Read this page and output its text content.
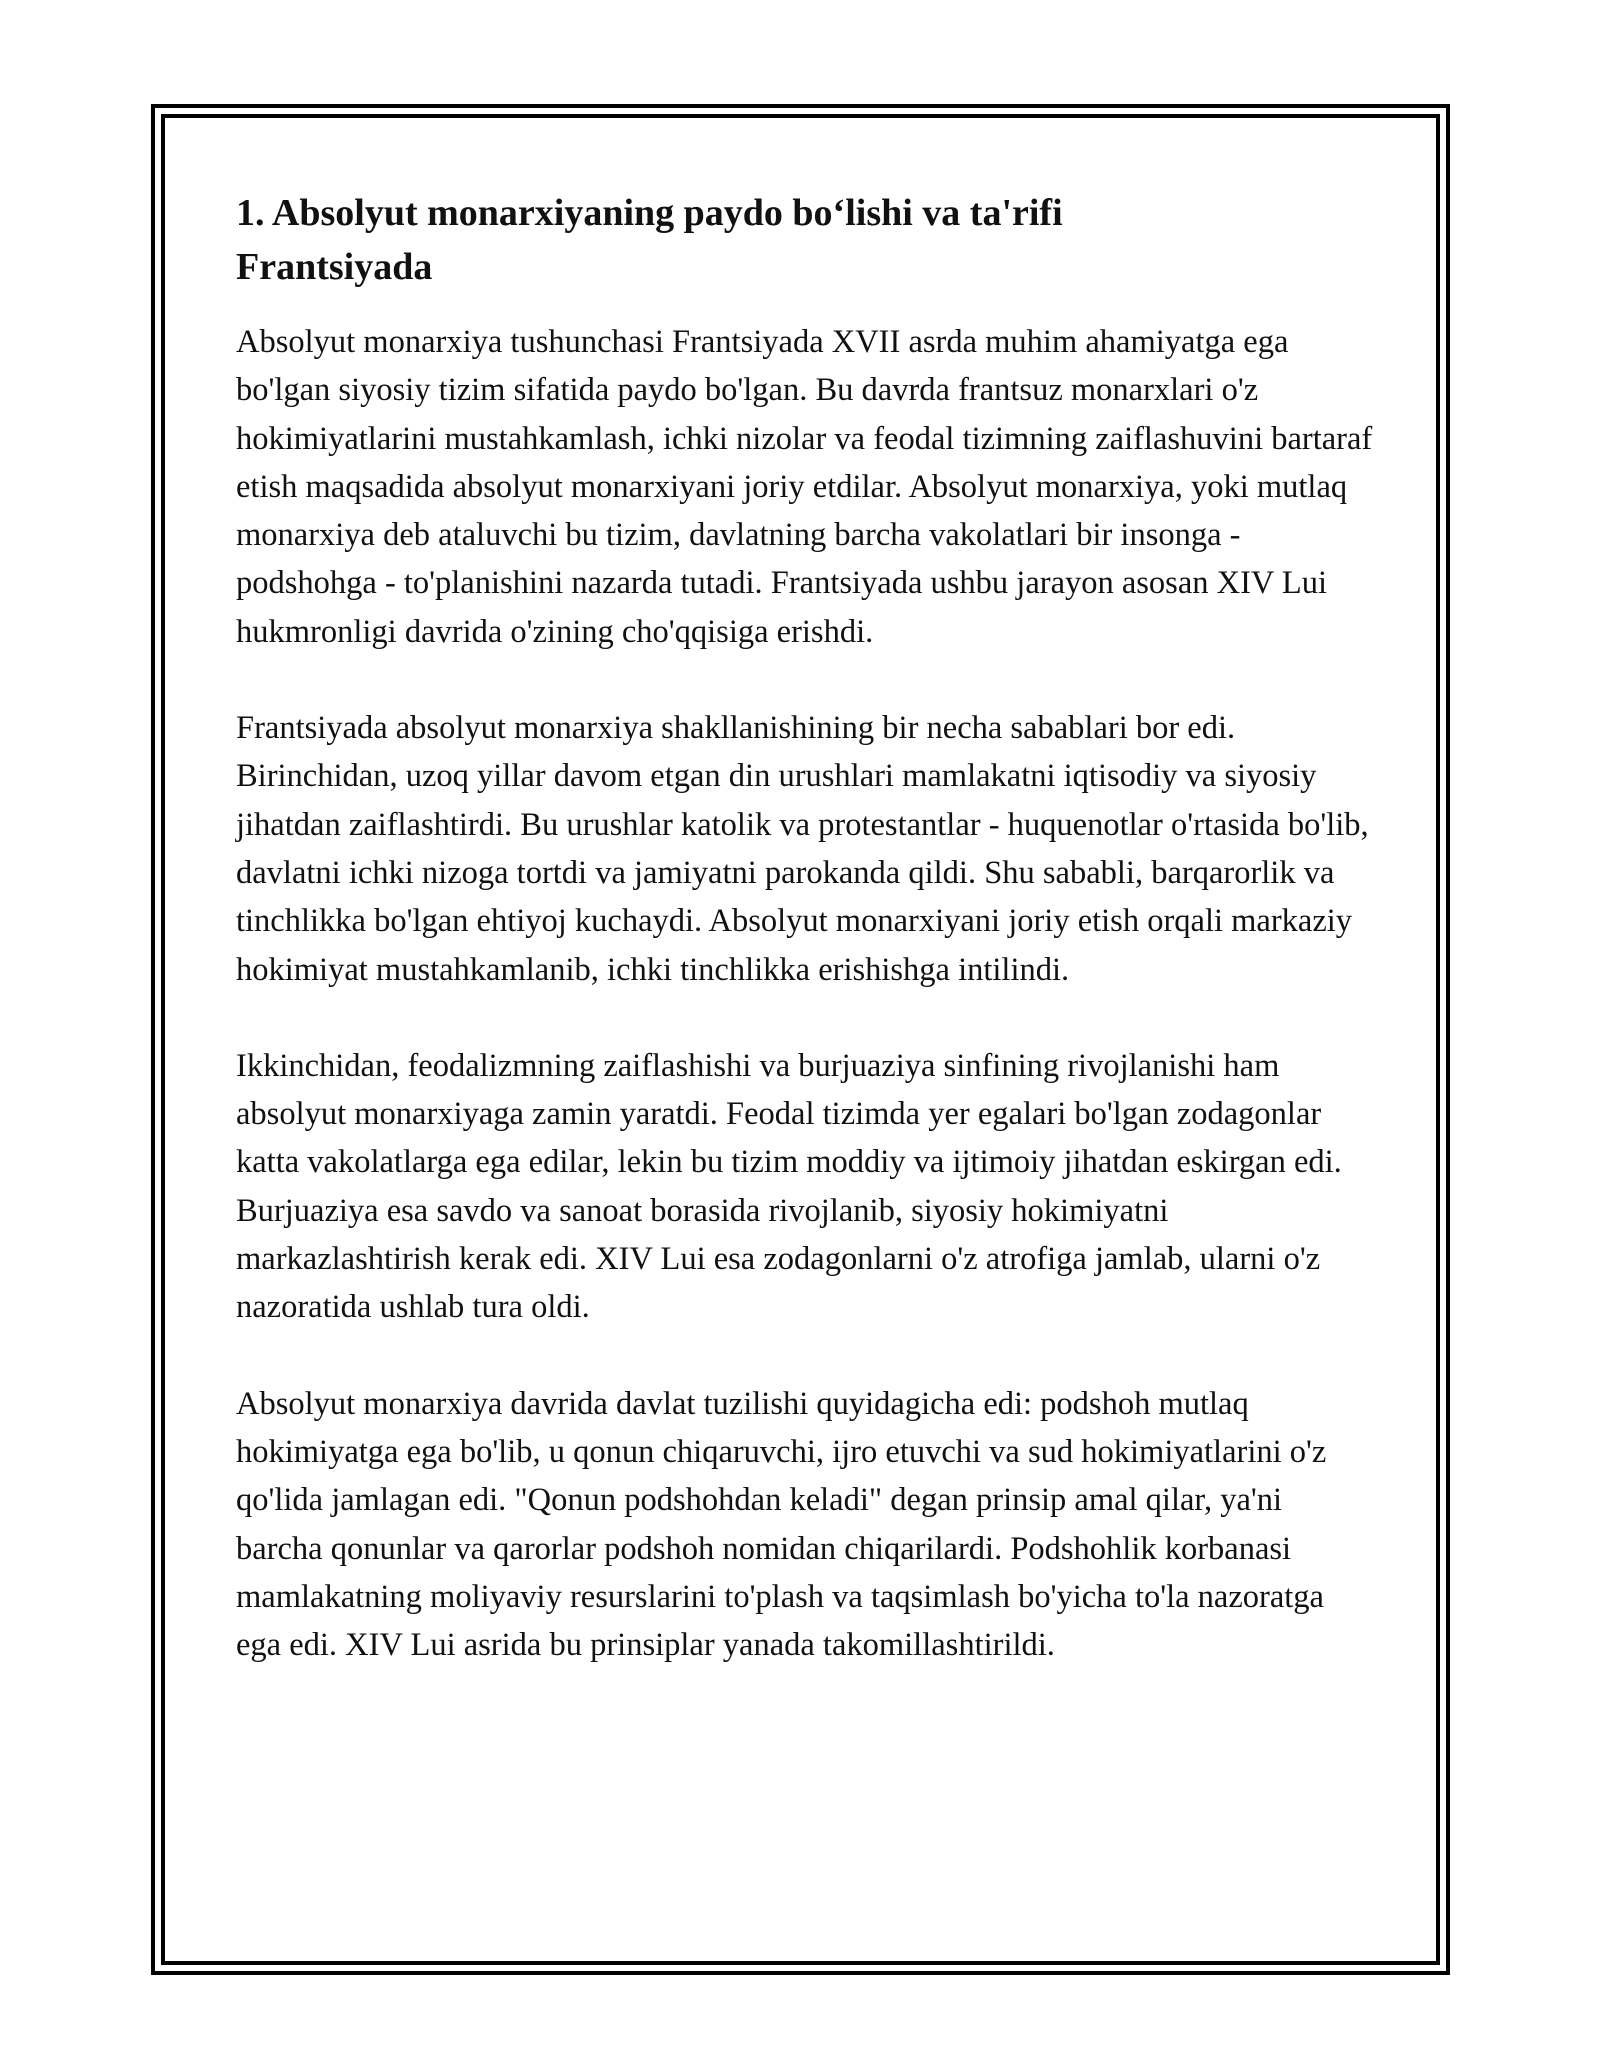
1. Absolyut monarxiyaning paydo boʻlishi va ta'rifi
Frantsiyada

Absolyut monarxiya tushunchasi Frantsiyada XVII asrda muhim ahamiyatga ega bo'lgan siyosiy tizim sifatida paydo bo'lgan. Bu davrda frantsuz monarxlari o'z hokimiyatlarini mustahkamlash, ichki nizolar va feodal tizimning zaiflashuvini bartaraf etish maqsadida absolyut monarxiyani joriy etdilar. Absolyut monarxiya, yoki mutlaq monarxiya deb ataluvchi bu tizim, davlatning barcha vakolatlari bir insonga - podshohga - to'planishini nazarda tutadi. Frantsiyada ushbu jarayon asosan XIV Lui hukmronligi davrida o'zining cho'qqisiga erishdi.

Frantsiyada absolyut monarxiya shakllanishining bir necha sabablari bor edi. Birinchidan, uzoq yillar davom etgan din urushlari mamlakatni iqtisodiy va siyosiy jihatdan zaiflashtirdi. Bu urushlar katolik va protestantlar - huquenotlar o'rtasida bo'lib, davlatni ichki nizoga tortdi va jamiyatni parokanda qildi. Shu sababli, barqarorlik va tinchlikka bo'lgan ehtiyoj kuchaydi. Absolyut monarxiyani joriy etish orqali markaziy hokimiyat mustahkamlanib, ichki tinchlikka erishishga intilindi.

Ikkinchidan, feodalizmning zaiflashishi va burjuaziya sinfining rivojlanishi ham absolyut monarxiyaga zamin yaratdi. Feodal tizimda yer egalari bo'lgan zodagonlar katta vakolatlarga ega edilar, lekin bu tizim moddiy va ijtimoiy jihatdan eskirgan edi. Burjuaziya esa savdo va sanoat borasida rivojlanib, siyosiy hokimiyatni markazlashtirish kerak edi. XIV Lui esa zodagonlarni o'z atrofiga jamlab, ularni o'z nazoratida ushlab tura oldi.

Absolyut monarxiya davrida davlat tuzilishi quyidagicha edi: podshoh mutlaq hokimiyatga ega bo'lib, u qonun chiqaruvchi, ijro etuvchi va sud hokimiyatlarini o'z qo'lida jamlagan edi. "Qonun podshohdan keladi" degan prinsip amal qilar, ya'ni barcha qonunlar va qarorlar podshoh nomidan chiqarilardi. Podshohlik korbanasi mamlakatning moliyaviy resurslarini to'plash va taqsimlash bo'yicha to'la nazoratga ega edi. XIV Lui asrida bu prinsiplar yanada takomillashtirildi.
